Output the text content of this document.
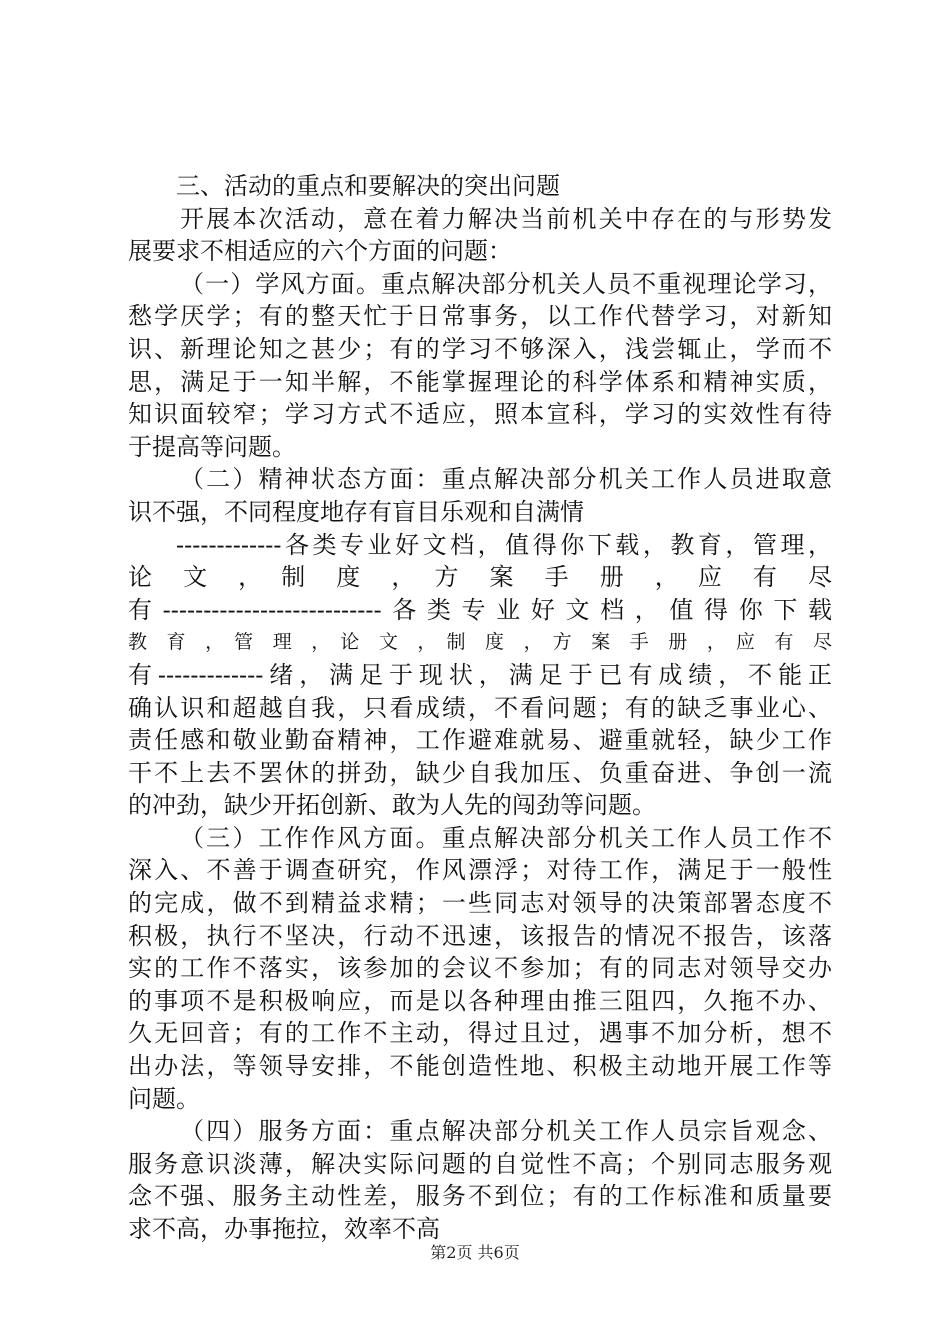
三、活动的重点和要解决的突出问题
开展本次活动，意在着力解决当前机关中存在的与形势发
展要求不相适应的六个方面的问题：
（一）学风方面。重点解决部分机关人员不重视理论学习，
愁学厌学；有的整天忙于日常事务，以工作代替学习，对新知
识、新理论知之甚少；有的学习不够深入，浅尝辄止，学而不
思，满足于一知半解，不能掌握理论的科学体系和精神实质，
知识面较窄；学习方式不适应，照本宣科，学习的实效性有待
于提高等问题。
（二）精神状态方面：重点解决部分机关工作人员进取意
识不强，不同程度地存有盲目乐观和自满情
-------------各类专业好文档，值得你下载，教育，管理，
论　文　，　制　度　，　方　案　手　册　，　应　有　尽
有---------------------------各类专业好文档，值得你下载
教　育　，　管　理　，　论　文　，　制　度　，　方　案　手　册　，　应　有　尽
有-------------绪，满足于现状，满足于已有成绩，不能正
确认识和超越自我，只看成绩，不看问题；有的缺乏事业心、
责任感和敬业勤奋精神，工作避难就易、避重就轻，缺少工作
干不上去不罢休的拼劲，缺少自我加压、负重奋进、争创一流
的冲劲，缺少开拓创新、敢为人先的闯劲等问题。
（三）工作作风方面。重点解决部分机关工作人员工作不
深入、不善于调查研究，作风漂浮；对待工作，满足于一般性
的完成，做不到精益求精；一些同志对领导的决策部署态度不
积极，执行不坚决，行动不迅速，该报告的情况不报告，该落
实的工作不落实，该参加的会议不参加；有的同志对领导交办
的事项不是积极响应，而是以各种理由推三阻四，久拖不办、
久无回音；有的工作不主动，得过且过，遇事不加分析，想不
出办法，等领导安排，不能创造性地、积极主动地开展工作等
问题。
（四）服务方面：重点解决部分机关工作人员宗旨观念、
服务意识淡薄，解决实际问题的自觉性不高；个别同志服务观
念不强、服务主动性差，服务不到位；有的工作标准和质量要
求不高，办事拖拉，效率不高
第2页 共6页
